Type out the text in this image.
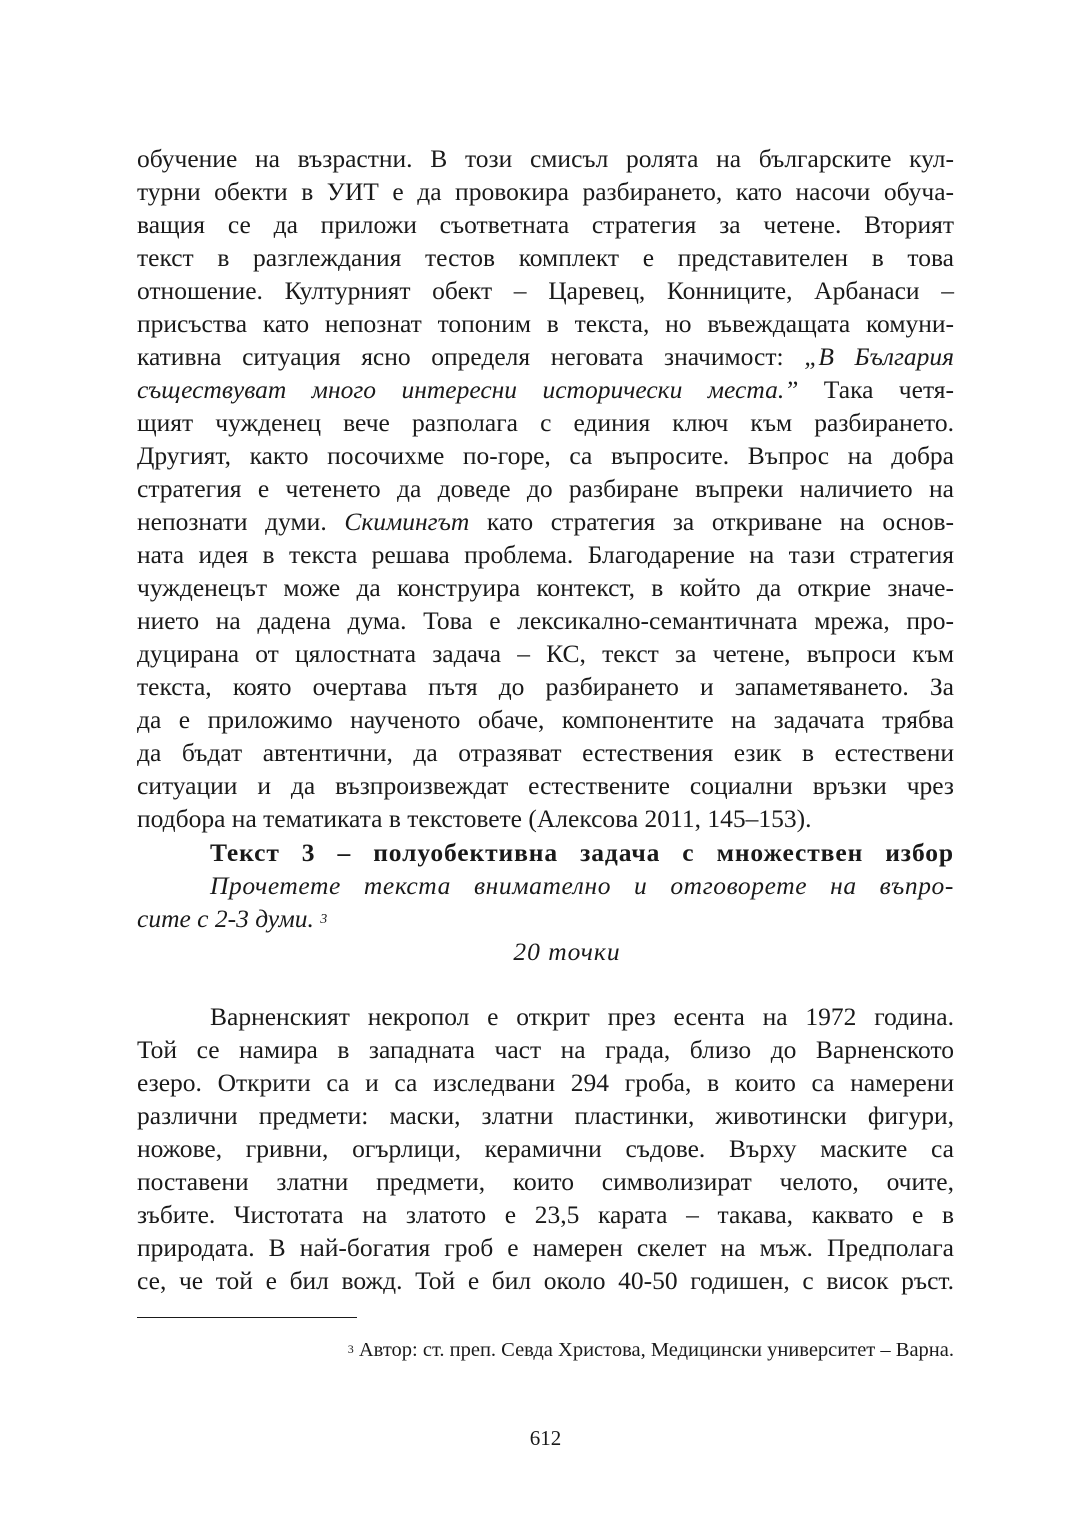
обучение на възрастни. В този смисъл ролята на българските кул-
турни обекти в УИТ е да провокира разбирането, като насочи обуча-
ващия се да приложи съответната стратегия за четене. Вторият
текст в разглеждания тестов комплект е представителен в това
отношение. Културният обект – Царевец, Конниците, Арбанаси –
присъства като непознат топоним в текста, но въвеждащата комуни-
кативна ситуация ясно определя неговата значимост: „В България
съществуват много интересни исторически места.” Така четя-
щият чужденец вече разполага с единия ключ към разбирането.
Другият, както посочихме по-горе, са въпросите. Въпрос на добра
стратегия е четенето да доведе до разбиране въпреки наличието на
непознати думи. Скимингът като стратегия за откриване на основ-
ната идея в текста решава проблема. Благодарение на тази стратегия
чужденецът може да конструира контекст, в който да открие значе-
нието на дадена дума. Това е лексикално-семантичната мрежа, про-
дуцирана от цялостната задача – КС, текст за четене, въпроси към
текста, която очертава пътя до разбирането и запаметяването. За
да е приложимо наученото обаче, компонентите на задачата трябва
да бъдат автентични, да отразяват естествения език в естествени
ситуации и да възпроизвеждат естествените социални връзки чрез
подбора на тематиката в текстовете (Алексова 2011, 145–153).
Текст 3 – полуобективна задача с множествен избор
Прочетете текста внимателно и отговорете на въпро-
сите с 2-3 думи. $^3$
20 точки
Варненският некропол е открит през есента на 1972 година.
Той се намира в западната част на града, близо до Варненското
езеро. Открити са и са изследвани 294 гроба, в които са намерени
различни предмети: маски, златни пластинки, животински фигури,
ножове, гривни, огърлици, керамични съдове. Върху маските са
поставени златни предмети, които символизират челото, очите,
зъбите. Чистотата на златото е 23,5 карата – такава, каквато е в
природата. В най-богатия гроб е намерен скелет на мъж. Предполага
се, че той е бил вожд. Той е бил около 40-50 годишен, с висок ръст.
$^3$ Автор: ст. преп. Севда Христова, Медицински университет – Варна.
612
